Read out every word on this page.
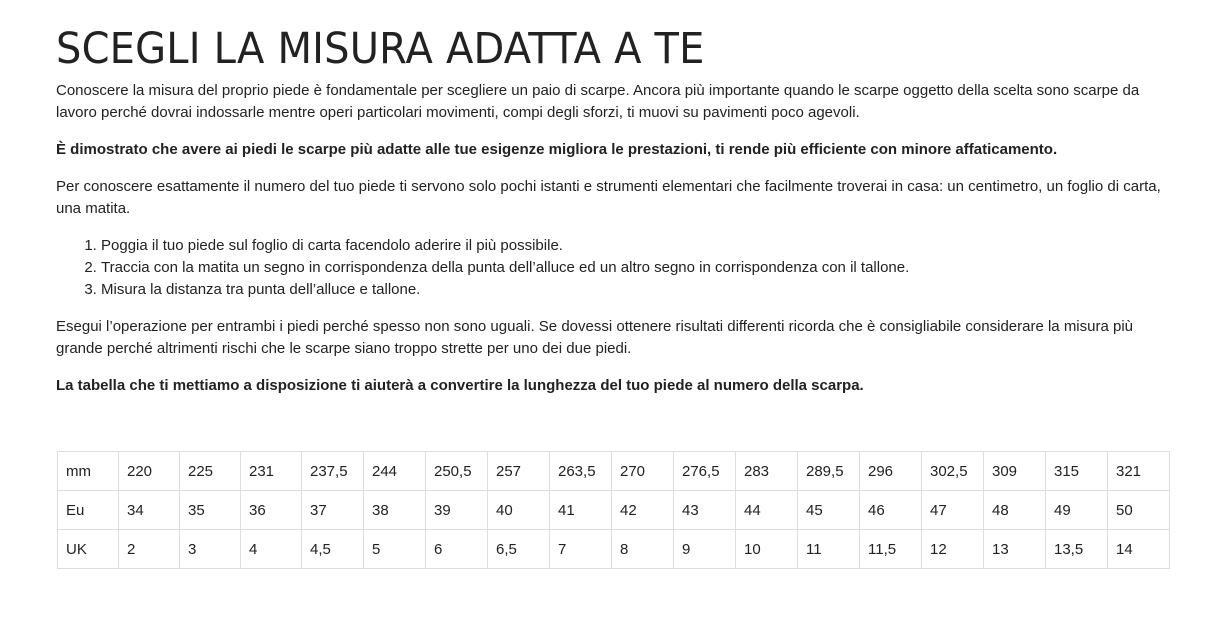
SCEGLI LA MISURA ADATTA A TE

Conoscere la misura del proprio piede è fondamentale per scegliere un paio di scarpe. Ancora più importante quando le scarpe oggetto della scelta sono scarpe da lavoro perché dovrai indossarle mentre operi particolari movimenti, compi degli sforzi, ti muovi su pavimenti poco agevoli.

È dimostrato che avere ai piedi le scarpe più adatte alle tue esigenze migliora le prestazioni, ti rende più efficiente con minore affaticamento.

Per conoscere esattamente il numero del tuo piede ti servono solo pochi istanti e strumenti elementari che facilmente troverai in casa: un centimetro, un foglio di carta, una matita.

1. Poggia il tuo piede sul foglio di carta facendolo aderire il più possibile.
2. Traccia con la matita un segno in corrispondenza della punta dell’alluce ed un altro segno in corrispondenza con il tallone.
3. Misura la distanza tra punta dell’alluce e tallone.

Esegui l’operazione per entrambi i piedi perché spesso non sono uguali. Se dovessi ottenere risultati differenti ricorda che è consigliabile considerare la misura più grande perché altrimenti rischi che le scarpe siano troppo strette per uno dei due piedi.

La tabella che ti mettiamo a disposizione ti aiuterà a convertire la lunghezza del tuo piede al numero della scarpa.

mm	220	225	231	237,5	244	250,5	257	263,5	270	276,5	283	289,5	296	302,5	309	315	321
Eu	34	35	36	37	38	39	40	41	42	43	44	45	46	47	48	49	50
UK	2	3	4	4,5	5	6	6,5	7	8	9	10	11	11,5	12	13	13,5	14
